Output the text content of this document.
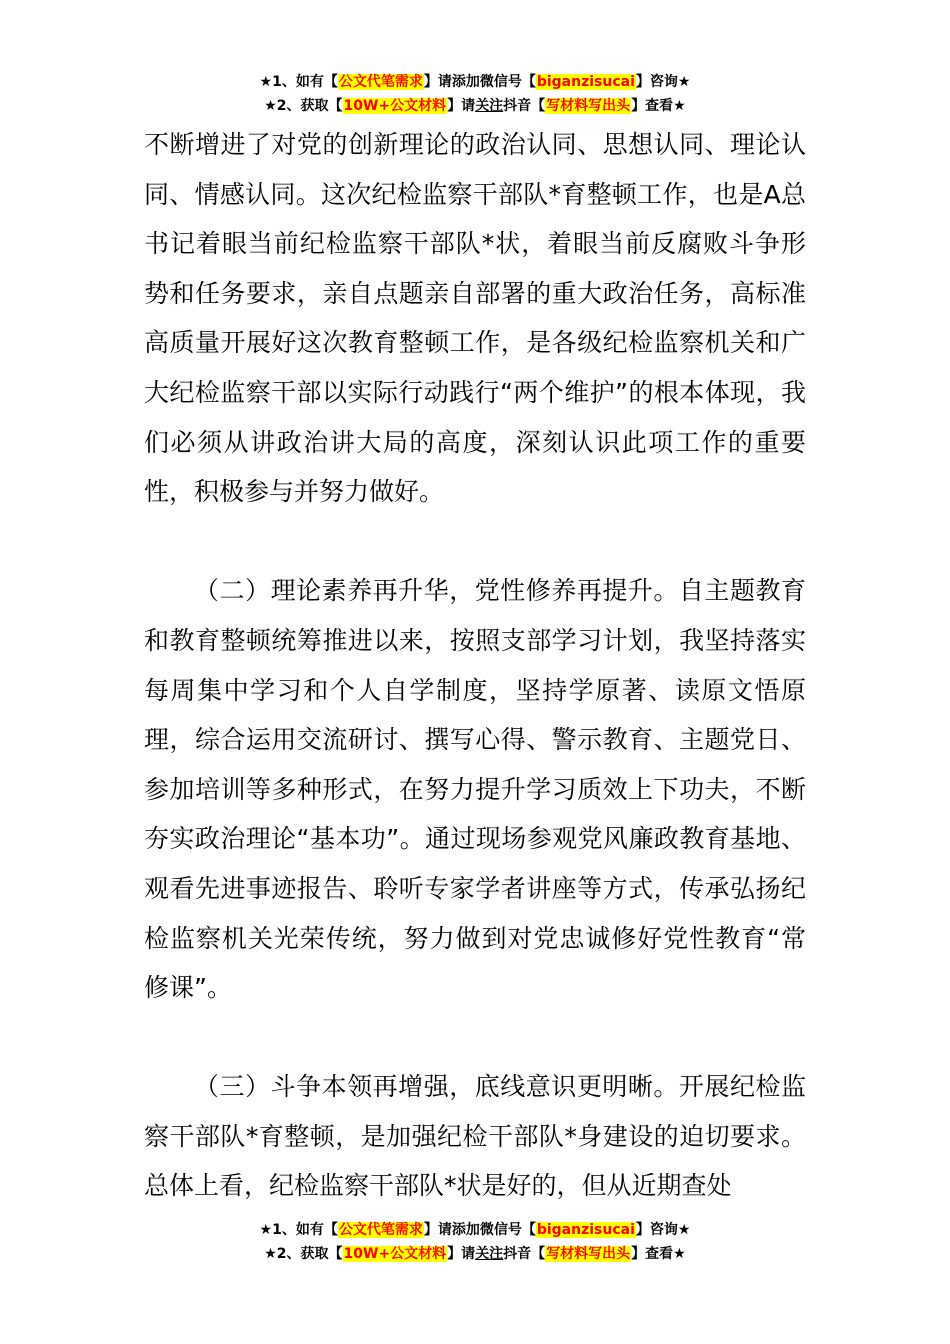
★1、如有【公文代笔需求】请添加微信号【biganzisucai】咨询★
★2、获取【10W+公文材料】请关注抖音【写材料写出头】查看★

不断增进了对党的创新理论的政治认同、思想认同、理论认同、情感认同。这次纪检监察干部队*育整顿工作，也是A总书记着眼当前纪检监察干部队*状，着眼当前反腐败斗争形势和任务要求，亲自点题亲自部署的重大政治任务，高标准高质量开展好这次教育整顿工作，是各级纪检监察机关和广大纪检监察干部以实际行动践行“两个维护”的根本体现，我们必须从讲政治讲大局的高度，深刻认识此项工作的重要性，积极参与并努力做好。

（二）理论素养再升华，党性修养再提升。自主题教育和教育整顿统筹推进以来，按照支部学习计划，我坚持落实每周集中学习和个人自学制度，坚持学原著、读原文悟原理，综合运用交流研讨、撰写心得、警示教育、主题党日、参加培训等多种形式，在努力提升学习质效上下功夫，不断夯实政治理论“基本功”。通过现场参观党风廉政教育基地、观看先进事迹报告、聆听专家学者讲座等方式，传承弘扬纪检监察机关光荣传统，努力做到对党忠诚修好党性教育“常修课”。

（三）斗争本领再增强，底线意识更明晰。开展纪检监察干部队*育整顿，是加强纪检干部队*身建设的迫切要求。总体上看，纪检监察干部队*状是好的，但从近期查处

★1、如有【公文代笔需求】请添加微信号【biganzisucai】咨询★
★2、获取【10W+公文材料】请关注抖音【写材料写出头】查看★
